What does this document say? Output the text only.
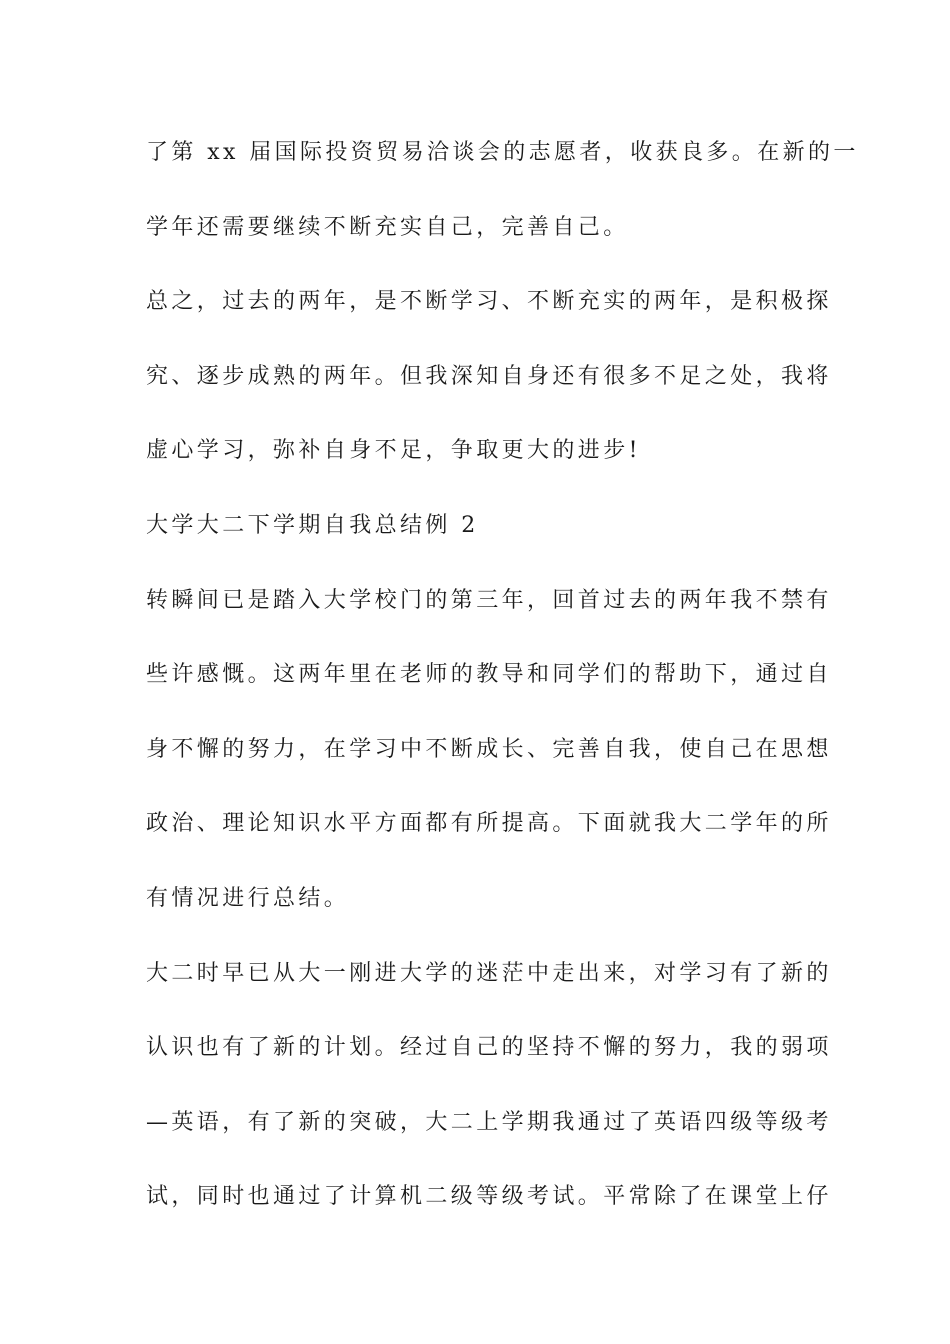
了第 xx 届国际投资贸易洽谈会的志愿者，收获良多。在新的一
学年还需要继续不断充实自己，完善自己。
总之，过去的两年，是不断学习、不断充实的两年，是积极探
究、逐步成熟的两年。但我深知自身还有很多不足之处，我将
虚心学习，弥补自身不足，争取更大的进步!
大学大二下学期自我总结例 2
转瞬间已是踏入大学校门的第三年，回首过去的两年我不禁有
些许感慨。这两年里在老师的教导和同学们的帮助下，通过自
身不懈的努力，在学习中不断成长、完善自我，使自己在思想
政治、理论知识水平方面都有所提高。下面就我大二学年的所
有情况进行总结。
大二时早已从大一刚进大学的迷茫中走出来，对学习有了新的
认识也有了新的计划。经过自己的坚持不懈的努力，我的弱项
—英语，有了新的突破，大二上学期我通过了英语四级等级考
试，同时也通过了计算机二级等级考试。平常除了在课堂上仔
